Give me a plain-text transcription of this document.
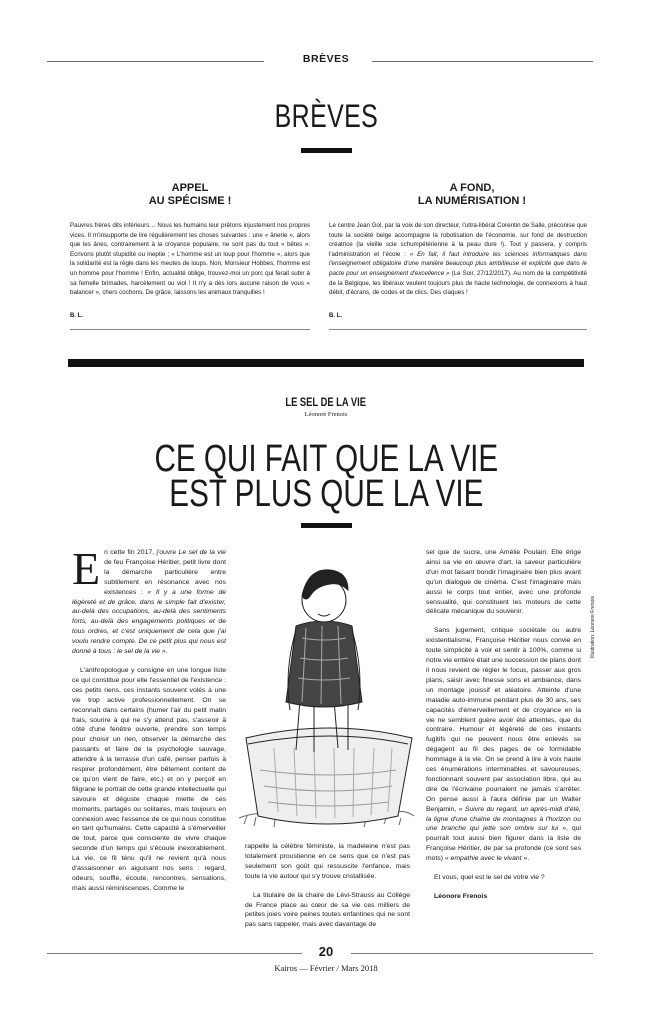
BRÈVES
BRÈVES
APPEL
AU SPÉCISME !
A FOND,
LA NUMÉRISATION !
Pauvres frères dits inférieurs… Nous les humains leur prêtons injustement nos propres vices. Il m'insupporte de lire régulièrement les choses suivantes : une « ânerie », alors que les ânes, contrairement à la croyance populaire, ne sont pas du tout « bêtes ». Ecrivons plutôt stupidité ou ineptie ; « L'homme est un loup pour l'homme », alors que la solidarité est la règle dans les meutes de loups. Non, Monsieur Hobbes, l'homme est un homme pour l'homme ! Enfin, actualité oblige, trouvez-moi un porc qui ferait subir à sa femelle brimades, harcèlement ou viol ! Il n'y a dès lors aucune raison de vous « balancer », chers cochons. De grâce, laissons les animaux tranquilles !
Le centre Jean Gol, par la voix de son directeur, l'ultra-libéral Corentin de Salle, préconise que toute la société belge accompagne la robotisation de l'économie, sur fond de destruction créatrice (la vieille scie schumpétérienne à la peau dure !). Tout y passera, y compris l'administration et l'école : « En fait, il faut introduire les sciences informatiques dans l'enseignement obligatoire d'une manière beaucoup plus ambitieuse et explicite que dans le pacte pour un enseignement d'excellence » (Le Soir, 27/12/2017). Au nom de la compétitivité de la Belgique, les libéraux veulent toujours plus de haute technologie, de connexions à haut débit, d'écrans, de codes et de clics. Des claques !
B. L.	B. L.
LE SEL DE LA VIE
Léonore Frenois
CE QUI FAIT QUE LA VIE
EST PLUS QUE LA VIE

En cette fin 2017, j'ouvre Le sel de la vie de feu Françoise Héritier, petit livre dont la démarche particulière entre subtilement en résonance avec nos existences : « Il y a une forme de légèreté et de grâce, dans le simple fait d'exister, au-delà des occupations, au-delà des sentiments forts, au-delà des engagements politiques et de tous ordres, et c'est uniquement de cela que j'ai voulu rendre compte. De ce petit plus qui nous est donné à tous : le sel de la vie ».

L'anthropologue y consigne en une longue liste ce qui constitue pour elle l'essentiel de l'existence : ces petits riens, ces instants souvent volés à une vie trop active professionnellement. On se reconnaît dans certains (humer l'air du petit matin frais, sourire à qui ne s'y attend pas, s'asseoir à côté d'une fenêtre ouverte, prendre son temps pour choisir un rien, observer la démarche des passants et faire de la psychologie sauvage, attendre à la terrasse d'un café, penser parfois à respirer profondément, être bêtement content de ce qu'on vient de faire, etc.) et on y perçoit en filigrane le portrait de cette grande intellectuelle qui savoure et déguste chaque miette de ces moments, partagés ou solitaires, mais toujours en connexion avec l'essence de ce qui nous constitue en tant qu'humains. Cette capacité à s'émerveiller de tout, parce que consciente de vivre chaque seconde d'un temps qui s'écoule inexorablement. La vie, ce fil ténu qu'il ne revient qu'à nous d'assaisonner en aiguisant nos sens : regard, odeurs, souffle, écoute, rencontres, sensations, mais aussi réminiscences. Comme le

rappelle la célèbre féministe, la madeleine n'est pas totalement proustienne en ce sens que ce n'est pas seulement son goût qui ressuscite l'enfance, mais toute la vie autour qui s'y trouve cristallisée.

La titulaire de la chaire de Lévi-Strauss au Collège de France place au cœur de sa vie ces milliers de petites joies voire peines toutes enfantines qui ne sont pas sans rappeler, mais avec davantage de

sel que de sucre, une Amélie Poulain. Elle érige ainsi sa vie en œuvre d'art, la saveur particulière d'un mot faisant bondir l'imaginaire bien plus avant qu'un dialogue de cinéma. C'est l'imaginaire mais aussi le corps tout entier, avec une profonde sensualité, qui constituent les moteurs de cette délicate mécanique du souvenir.

Sans jugement, critique sociétale ou autre existentialisme, Françoise Héritier nous convie en toute simplicité à voir et sentir à 100%, comme si notre vie entière était une succession de plans dont il nous revient de régler le focus, passer aux gros plans, saisir avec finesse sons et ambiance, dans un montage jouissif et aléatoire. Atteinte d'une maladie auto-immune pendant plus de 30 ans, ses capacités d'émerveillement et de croyance en la vie ne semblent guère avoir été atteintes, que du contraire. Humour et légèreté de ces instants fugitifs qui ne peuvent nous être enlevés se dégagent au fil des pages de ce formidable hommage à la vie. On se prend à lire à voix haute ces énumérations interminables et savoureuses, fonctionnant souvent par association libre, qui au dire de l'écrivaine pourraient ne jamais s'arrêter. On pense aussi à l'aura définie par un Walter Benjamin, « Suivre du regard, un après-midi d'été, la ligne d'une chaîne de montagnes à l'horizon ou une branche qui jette son ombre sur lui », qui pourrait tout aussi bien figurer dans la liste de Françoise Héritier, de par sa profonde (ce sont ses mots) « empathie avec le vivant ».

Et vous, quel est le sel de votre vie ?

Léonore Frenois

Illustration: Léonore Frenois
20
Kairos — Février / Mars 2018
